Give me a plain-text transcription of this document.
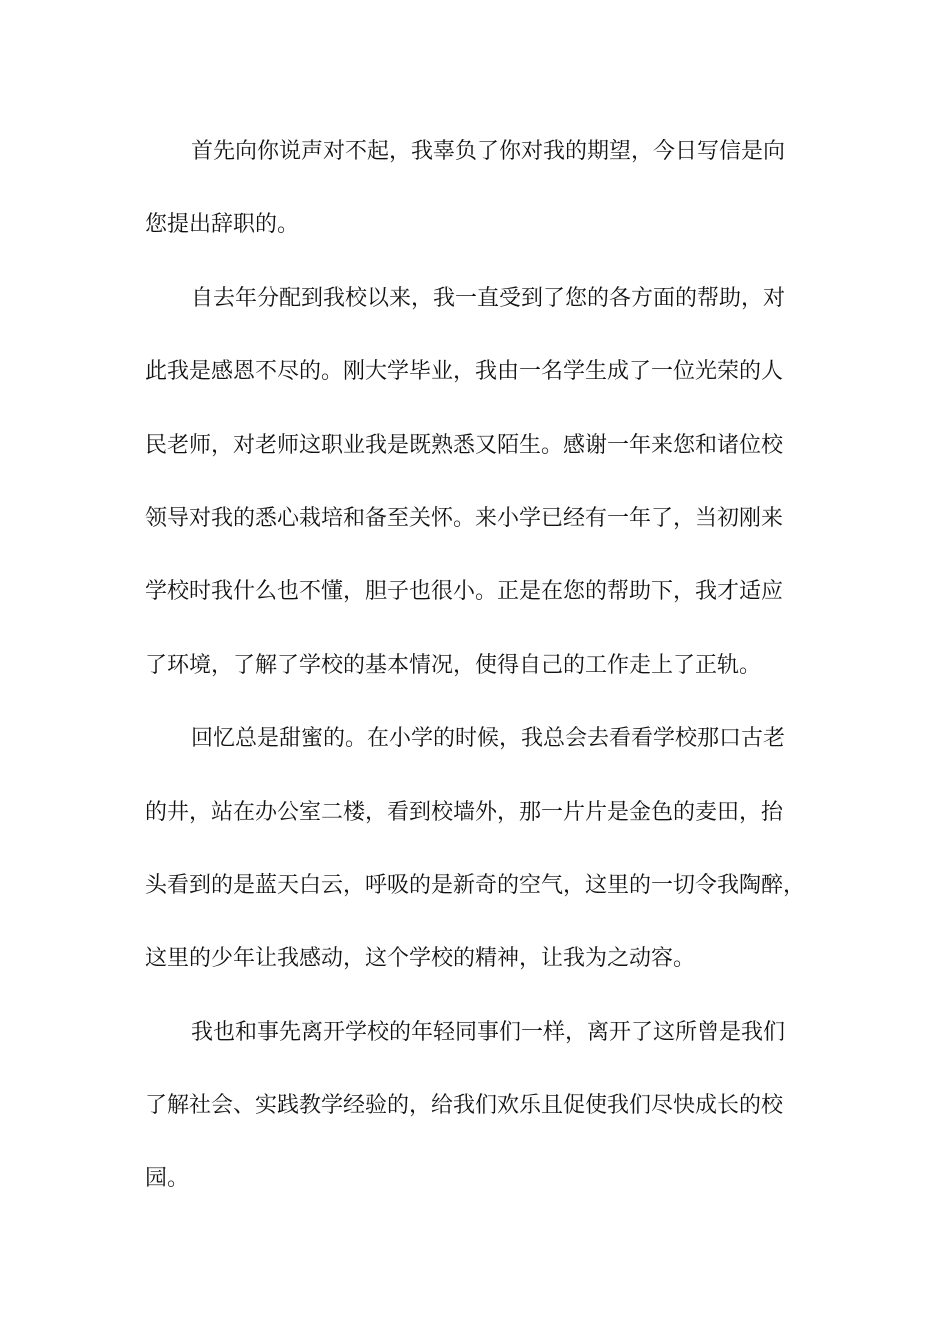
首先向你说声对不起，我辜负了你对我的期望，今日写信是向
您提出辞职的。
自去年分配到我校以来，我一直受到了您的各方面的帮助，对
此我是感恩不尽的。刚大学毕业，我由一名学生成了一位光荣的人
民老师，对老师这职业我是既熟悉又陌生。感谢一年来您和诸位校
领导对我的悉心栽培和备至关怀。来小学已经有一年了，当初刚来
学校时我什么也不懂，胆子也很小。正是在您的帮助下，我才适应
了环境，了解了学校的基本情况，使得自己的工作走上了正轨。
回忆总是甜蜜的。在小学的时候，我总会去看看学校那口古老
的井，站在办公室二楼，看到校墙外，那一片片是金色的麦田，抬
头看到的是蓝天白云，呼吸的是新奇的空气，这里的一切令我陶醉，
这里的少年让我感动，这个学校的精神，让我为之动容。
我也和事先离开学校的年轻同事们一样，离开了这所曾是我们
了解社会、实践教学经验的，给我们欢乐且促使我们尽快成长的校
园。
